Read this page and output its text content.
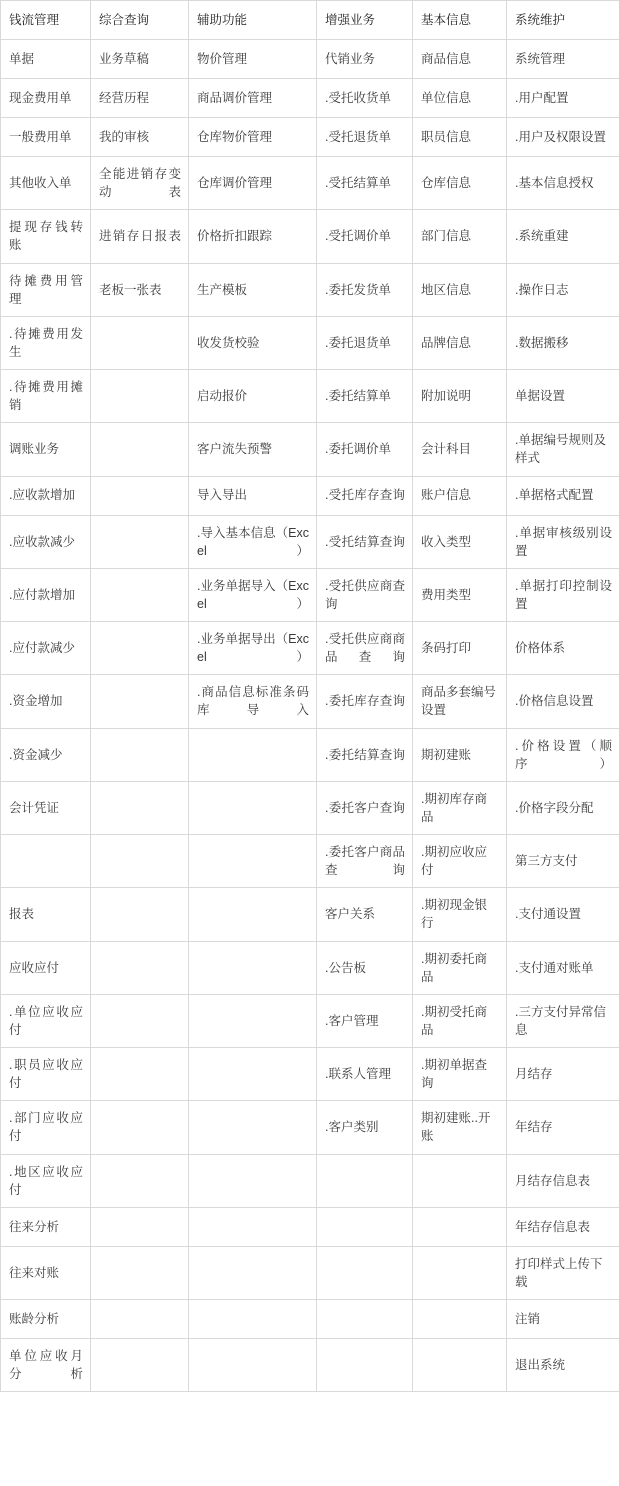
钱流管理	综合查询	辅助功能	增强业务	基本信息	系统维护
单据	业务草稿	物价管理	代销业务	商品信息	系统管理
现金费用单	经营历程	商品调价管理	.受托收货单	单位信息	.用户配置
一般费用单	我的审核	仓库物价管理	.受托退货单	职员信息	.用户及权限设置
其他收入单	全能进销存变动表	仓库调价管理	.受托结算单	仓库信息	.基本信息授权
提现存钱转账	进销存日报表	价格折扣跟踪	.受托调价单	部门信息	.系统重建
待摊费用管理	老板一张表	生产模板	.委托发货单	地区信息	.操作日志
.待摊费用发生		收发货校验	.委托退货单	品牌信息	.数据搬移
.待摊费用摊销		启动报价	.委托结算单	附加说明	单据设置
调账业务		客户流失预警	.委托调价单	会计科目	.单据编号规则及样式
.应收款增加		导入导出	.受托库存查询	账户信息	.单据格式配置
.应收款减少		.导入基本信息（Excel）	.受托结算查询	收入类型	.单据审核级别设置
.应付款增加		.业务单据导入（Excel）	.受托供应商查询	费用类型	.单据打印控制设置
.应付款减少		.业务单据导出（Excel）	.受托供应商商品查询	条码打印	价格体系
.资金增加		.商品信息标准条码库导入	.委托库存查询	商品多套编号设置	.价格信息设置
.资金减少			.委托结算查询	期初建账	.价格设置（顺序）
会计凭证			.委托客户查询	.期初库存商品	.价格字段分配
			.委托客户商品查询	.期初应收应付	第三方支付
报表			客户关系	.期初现金银行	.支付通设置
应收应付			.公告板	.期初委托商品	.支付通对账单
.单位应收应付			.客户管理	.期初受托商品	.三方支付异常信息
.职员应收应付			.联系人管理	.期初单据查询	月结存
.部门应收应付			.客户类别	期初建账..开账	年结存
.地区应收应付					月结存信息表
往来分析					年结存信息表
往来对账					打印样式上传下载
账龄分析					注销
单位应收月分析					退出系统
